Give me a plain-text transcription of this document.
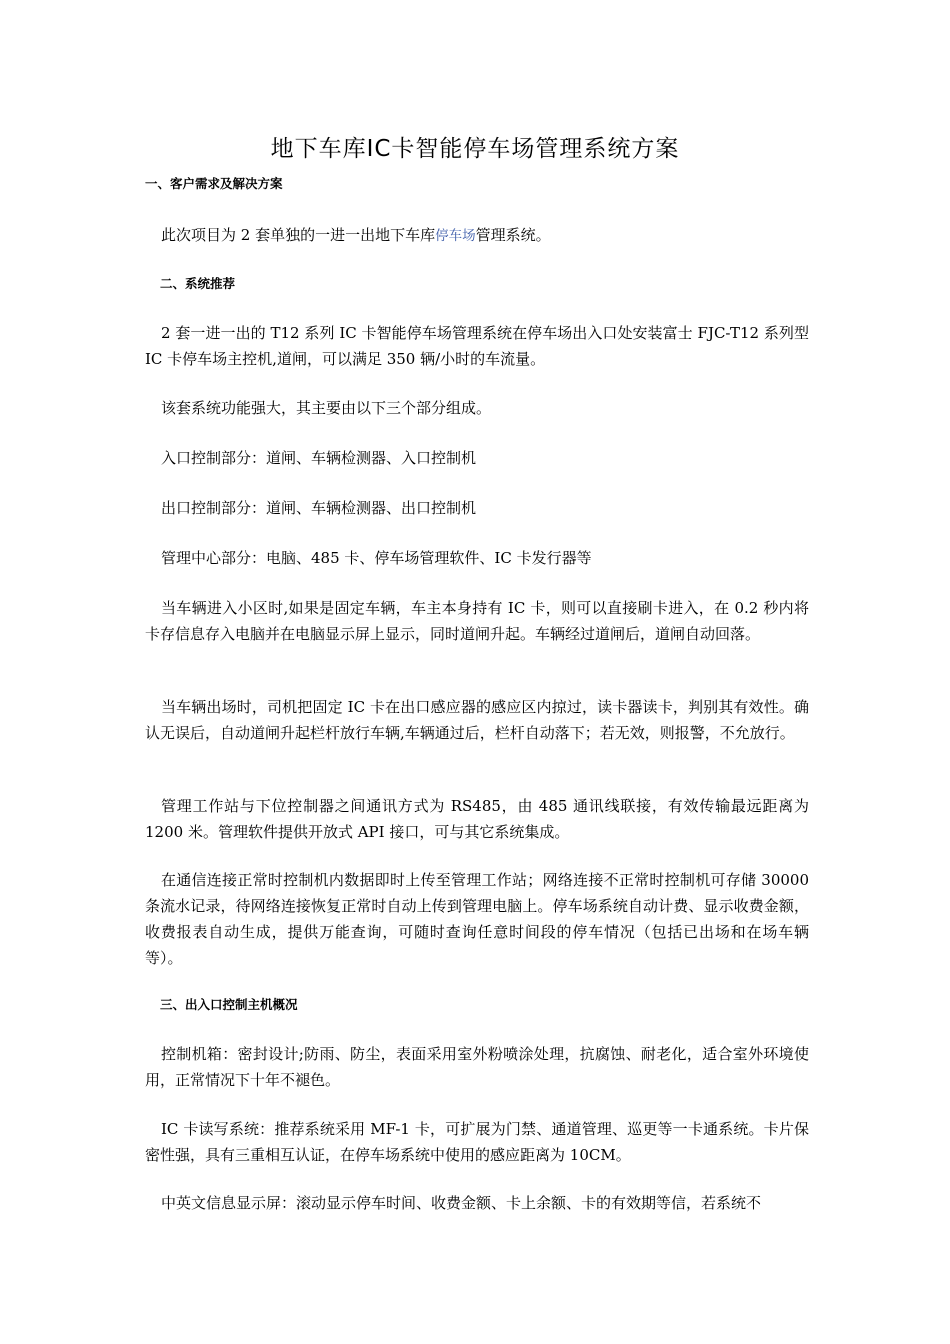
地下车库IC卡智能停车场管理系统方案
一、客户需求及解决方案

此次项目为 2 套单独的一进一出地下车库停车场管理系统。

二、系统推荐

2 套一进一出的 T12 系列 IC 卡智能停车场管理系统在停车场出入口处安装富士 FJC-T12 系列型 IC 卡停车场主控机,道闸，可以满足 350 辆/小时的车流量。

该套系统功能强大，其主要由以下三个部分组成。

入口控制部分：道闸、车辆检测器、入口控制机

出口控制部分：道闸、车辆检测器、出口控制机

管理中心部分：电脑、485 卡、停车场管理软件、IC 卡发行器等

当车辆进入小区时,如果是固定车辆，车主本身持有 IC 卡，则可以直接刷卡进入，在 0.2 秒内将卡存信息存入电脑并在电脑显示屏上显示，同时道闸升起。车辆经过道闸后，道闸自动回落。

当车辆出场时，司机把固定 IC 卡在出口感应器的感应区内掠过，读卡器读卡，判别其有效性。确认无误后，自动道闸升起栏杆放行车辆,车辆通过后，栏杆自动落下；若无效，则报警，不允放行。

管理工作站与下位控制器之间通讯方式为 RS485，由 485 通讯线联接，有效传输最远距离为 1200 米。管理软件提供开放式 API 接口，可与其它系统集成。

在通信连接正常时控制机内数据即时上传至管理工作站；网络连接不正常时控制机可存储 30000 条流水记录，待网络连接恢复正常时自动上传到管理电脑上。停车场系统自动计费、显示收费金额，收费报表自动生成，提供万能查询，可随时查询任意时间段的停车情况（包括已出场和在场车辆等）。

三、出入口控制主机概况

控制机箱：密封设计;防雨、防尘，表面采用室外粉喷涂处理，抗腐蚀、耐老化，适合室外环境使用，正常情况下十年不褪色。

IC 卡读写系统：推荐系统采用 MF-1 卡，可扩展为门禁、通道管理、巡更等一卡通系统。卡片保密性强，具有三重相互认证，在停车场系统中使用的感应距离为 10CM。

中英文信息显示屏：滚动显示停车时间、收费金额、卡上余额、卡的有效期等信，若系统不
